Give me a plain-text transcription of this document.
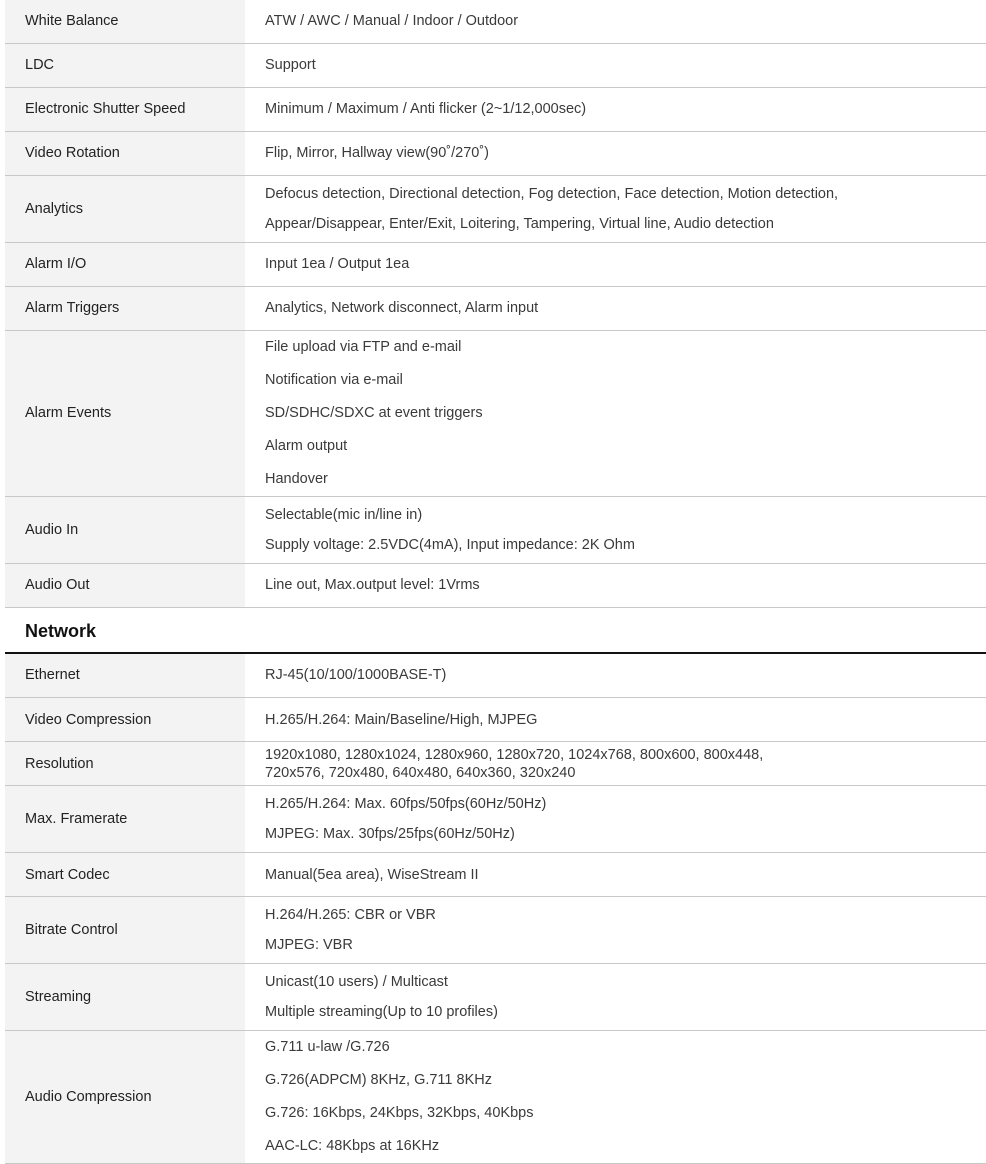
White Balance	ATW / AWC / Manual / Indoor / Outdoor

LDC	Support

Electronic Shutter Speed	Minimum / Maximum / Anti flicker (2~1/12,000sec)

Video Rotation	Flip, Mirror, Hallway view(90˚/270˚)

Analytics	Defocus detection, Directional detection, Fog detection, Face detection, Motion detection,
Appear/Disappear, Enter/Exit, Loitering, Tampering, Virtual line, Audio detection

Alarm I/O	Input 1ea / Output 1ea

Alarm Triggers	Analytics, Network disconnect, Alarm input

Alarm Events	File upload via FTP and e-mail
Notification via e-mail
SD/SDHC/SDXC at event triggers
Alarm output
Handover

Audio In	Selectable(mic in/line in)
Supply voltage: 2.5VDC(4mA), Input impedance: 2K Ohm

Audio Out	Line out, Max.output level: 1Vrms
Network
Ethernet	RJ-45(10/100/1000BASE-T)

Video Compression	H.265/H.264: Main/Baseline/High, MJPEG

Resolution	1920x1080, 1280x1024, 1280x960, 1280x720, 1024x768, 800x600, 800x448,
720x576, 720x480, 640x480, 640x360, 320x240

Max. Framerate	H.265/H.264: Max. 60fps/50fps(60Hz/50Hz)
MJPEG: Max. 30fps/25fps(60Hz/50Hz)

Smart Codec	Manual(5ea area), WiseStream II

Bitrate Control	H.264/H.265: CBR or VBR
MJPEG: VBR

Streaming	Unicast(10 users) / Multicast
Multiple streaming(Up to 10 profiles)

Audio Compression	G.711 u-law /G.726
G.726(ADPCM) 8KHz, G.711 8KHz
G.726: 16Kbps, 24Kbps, 32Kbps, 40Kbps
AAC-LC: 48Kbps at 16KHz
